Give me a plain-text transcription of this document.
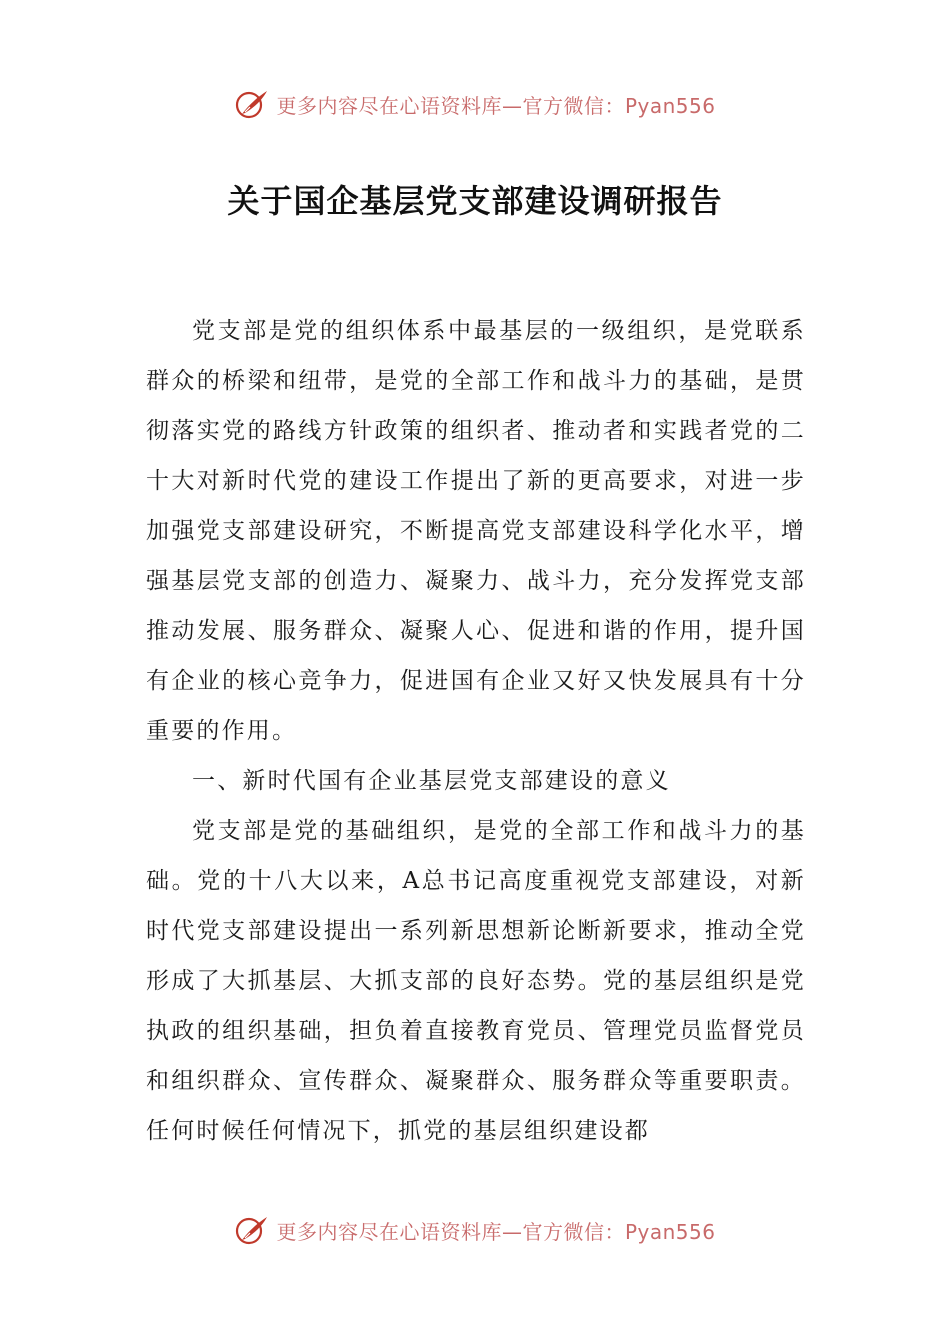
更多内容尽在心语资料库—官方微信：Pyan556
关于国企基层党支部建设调研报告

党支部是党的组织体系中最基层的一级组织，是党联系群众的桥梁和纽带，是党的全部工作和战斗力的基础，是贯彻落实党的路线方针政策的组织者、推动者和实践者党的二十大对新时代党的建设工作提出了新的更高要求，对进一步加强党支部建设研究，不断提高党支部建设科学化水平，增强基层党支部的创造力、凝聚力、战斗力，充分发挥党支部推动发展、服务群众、凝聚人心、促进和谐的作用，提升国有企业的核心竞争力，促进国有企业又好又快发展具有十分重要的作用。

一、新时代国有企业基层党支部建设的意义

党支部是党的基础组织，是党的全部工作和战斗力的基础。党的十八大以来，A总书记高度重视党支部建设，对新时代党支部建设提出一系列新思想新论断新要求，推动全党形成了大抓基层、大抓支部的良好态势。党的基层组织是党执政的组织基础，担负着直接教育党员、管理党员监督党员和组织群众、宣传群众、凝聚群众、服务群众等重要职责。任何时候任何情况下，抓党的基层组织建设都

更多内容尽在心语资料库—官方微信：Pyan556
